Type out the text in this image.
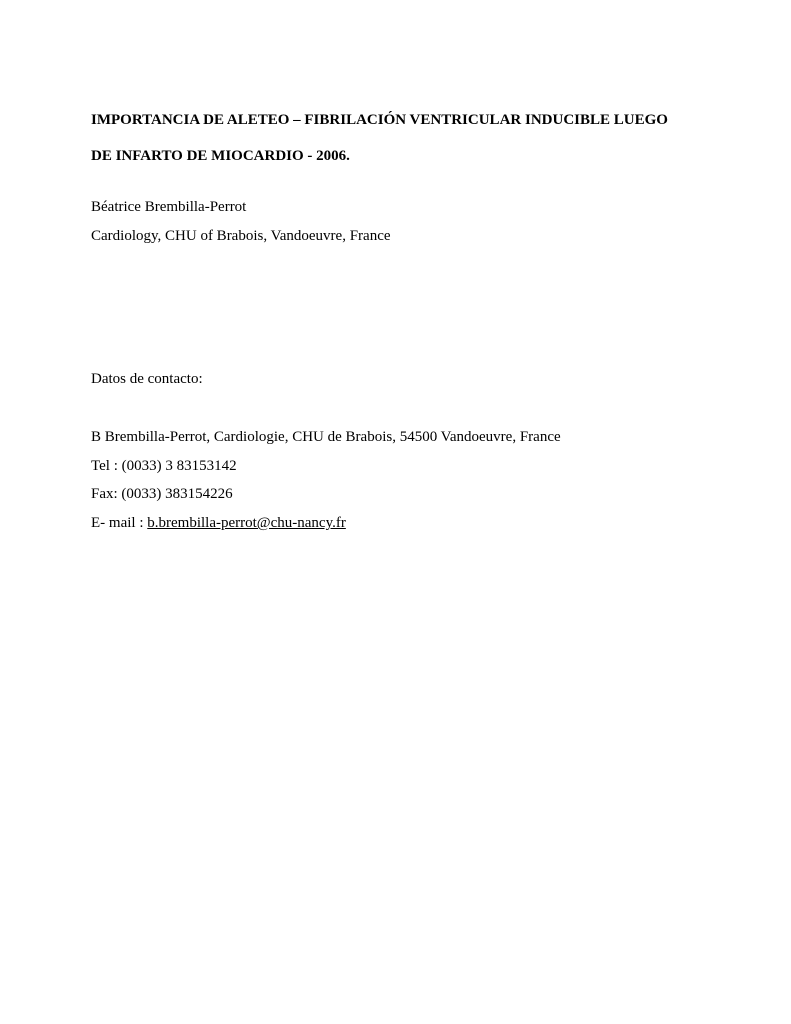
IMPORTANCIA DE ALETEO – FIBRILACIÓN VENTRICULAR INDUCIBLE LUEGO
DE INFARTO DE MIOCARDIO - 2006.
Béatrice Brembilla-Perrot
Cardiology, CHU of Brabois, Vandoeuvre, France
Datos de contacto:
B Brembilla-Perrot, Cardiologie, CHU de Brabois, 54500 Vandoeuvre, France
Tel : (0033) 3 83153142
Fax: (0033) 383154226
E- mail : b.brembilla-perrot@chu-nancy.fr
